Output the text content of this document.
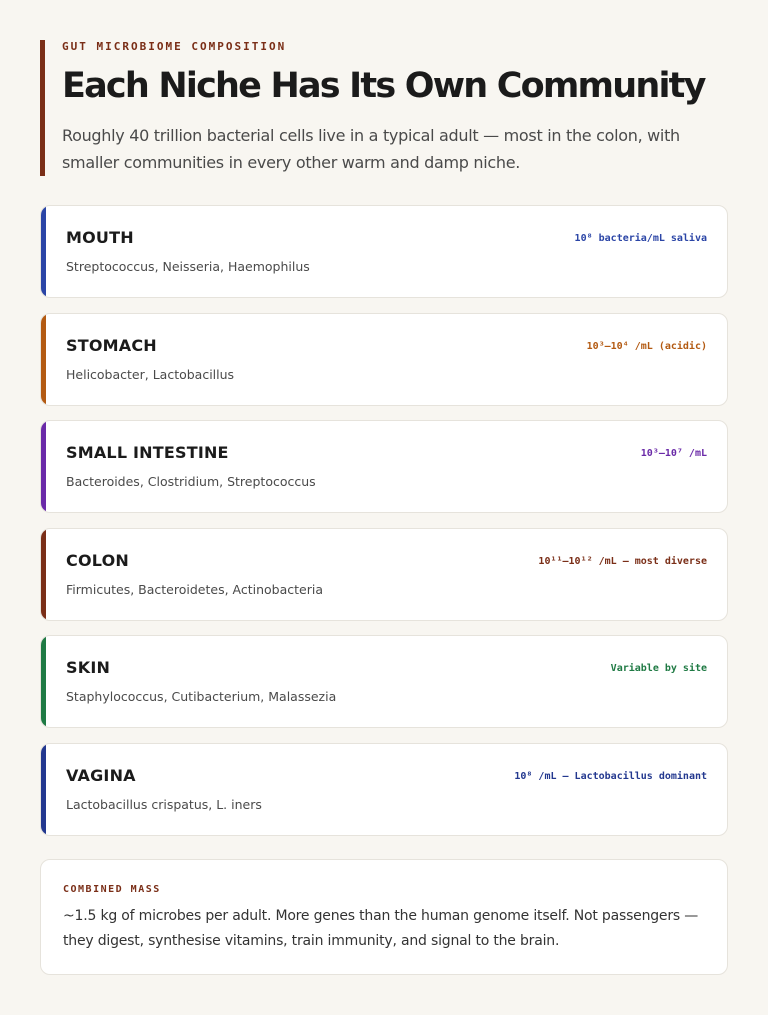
GUT MICROBIOME COMPOSITION
Each Niche Has Its Own Community

Roughly 40 trillion bacterial cells live in a typical adult — most in the colon, with smaller communities in every other warm and damp niche.

MOUTH
Streptococcus, Neisseria, Haemophilus
10⁸ bacteria/mL saliva
STOMACH
Helicobacter, Lactobacillus
10³–10⁴ /mL (acidic)
SMALL INTESTINE
Bacteroides, Clostridium, Streptococcus
10³–10⁷ /mL
COLON
Firmicutes, Bacteroidetes, Actinobacteria
10¹¹–10¹² /mL — most diverse
SKIN
Staphylococcus, Cutibacterium, Malassezia
Variable by site
VAGINA
Lactobacillus crispatus, L. iners
10⁸ /mL — Lactobacillus dominant
COMBINED MASS

~1.5 kg of microbes per adult. More genes than the human genome itself. Not passengers — they digest, synthesise vitamins, train immunity, and signal to the brain.
